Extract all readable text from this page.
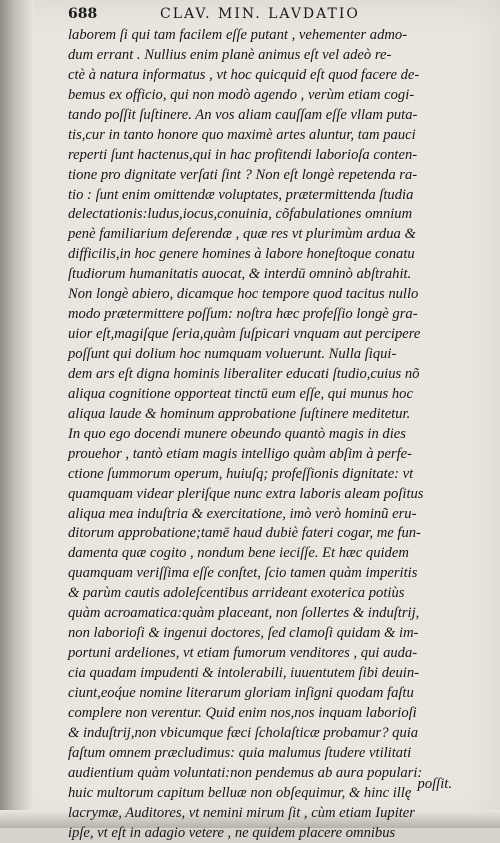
688	CLAV. MIN. LAVDATIO
laborem ſi qui tam facilem eſſe putant , vehementer admo-
dum errant . Nullius enim planè animus eſt vel adeò re-
ctè à natura informatus , vt hoc quicquid eſt quod facere de-
bemus ex officio, qui non modò agendo , verùm etiam cogi-
tando poſſit ſuſtinere. An vos aliam cauſſam eſſe vllam puta-
tis,cur in tanto honore quo maximè artes aluntur, tam pauci
reperti ſunt hactenus,qui in hac profitendi laborioſa conten-
tione pro dignitate verſati ſint ? Non eſt longè repetenda ra-
tio : ſunt enim omittendæ voluptates, prætermittenda ſtudia
delectationis:ludus,iocus,conuinia, cõfabulationes omnium
penè familiarium deſerendæ , quæ res vt plurimùm ardua &
difficilis,in hoc genere homines à labore honeſtoque conatu
ſtudiorum humanitatis auocat, & interdū omninò abſtrahit.
Non longè abiero, dicamque hoc tempore quod tacitus nullo
modo prætermittere poſſum: noſtra hæc profeſſio longè gra-
uior eſt,magiſque ſeria,quàm ſuſpicari vnquam aut percipere
poſſunt qui dolium hoc numquam voluerunt. Nulla ſiqui-
dem ars eſt digna hominis liberaliter educati ſtudio,cuius nõ
aliqua cognitione opporteat tinctū eum eſſe, qui munus hoc
aliqua laude & hominum approbatione ſuſtinere meditetur.
In quo ego docendi munere obeundo quantò magis in dies
prouehor , tantò etiam magis intelligo quàm abſim à perfe-
ctione ſummorum operum, huiuſq; profeſſionis dignitate: vt
quamquam videar pleriſque nunc extra laboris aleam poſitus
aliqua mea induſtria & exercitatione, imò verò hominũ eru-
ditorum approbatione;tamē haud dubiè fateri cogar, me fun-
damenta quæ cogito , nondum bene ieciſſe. Et hæc quidem
quamquam veriſſima eſſe conſtet, ſcio tamen quàm imperitis
& parùm cautis adoleſcentibus arrideant exoterica potiùs
quàm acroamatica:quàm placeant, non ſollertes & induſtrij,
non laborioſi & ingenui doctores, ſed clamoſi quidam & im-
portuni ardeliones, vt etiam fumorum venditores , qui auda-
cia quadam impudenti & intolerabili, iuuentutem ſibi deuin-
ciunt,eoq́ue nomine literarum gloriam inſigni quodam faſtu
complere non verentur. Quid enim nos,nos inquam laborioſi
& induſtrij,non vbicumque fæci ſcholaſticæ probamur? quia
faſtum omnem præcludimus: quia malumus ſtudere vtilitati
audientium quàm voluntati:non pendemus ab aura populari:
huic multorum capitum belluæ non obſequimur, & hinc illę
lacrymæ, Auditores, vt nemini mirum ſit , cùm etiam Iupiter
ipſe, vt eſt in adagio vetere , ne quidem placere omnibus
poſſit.
